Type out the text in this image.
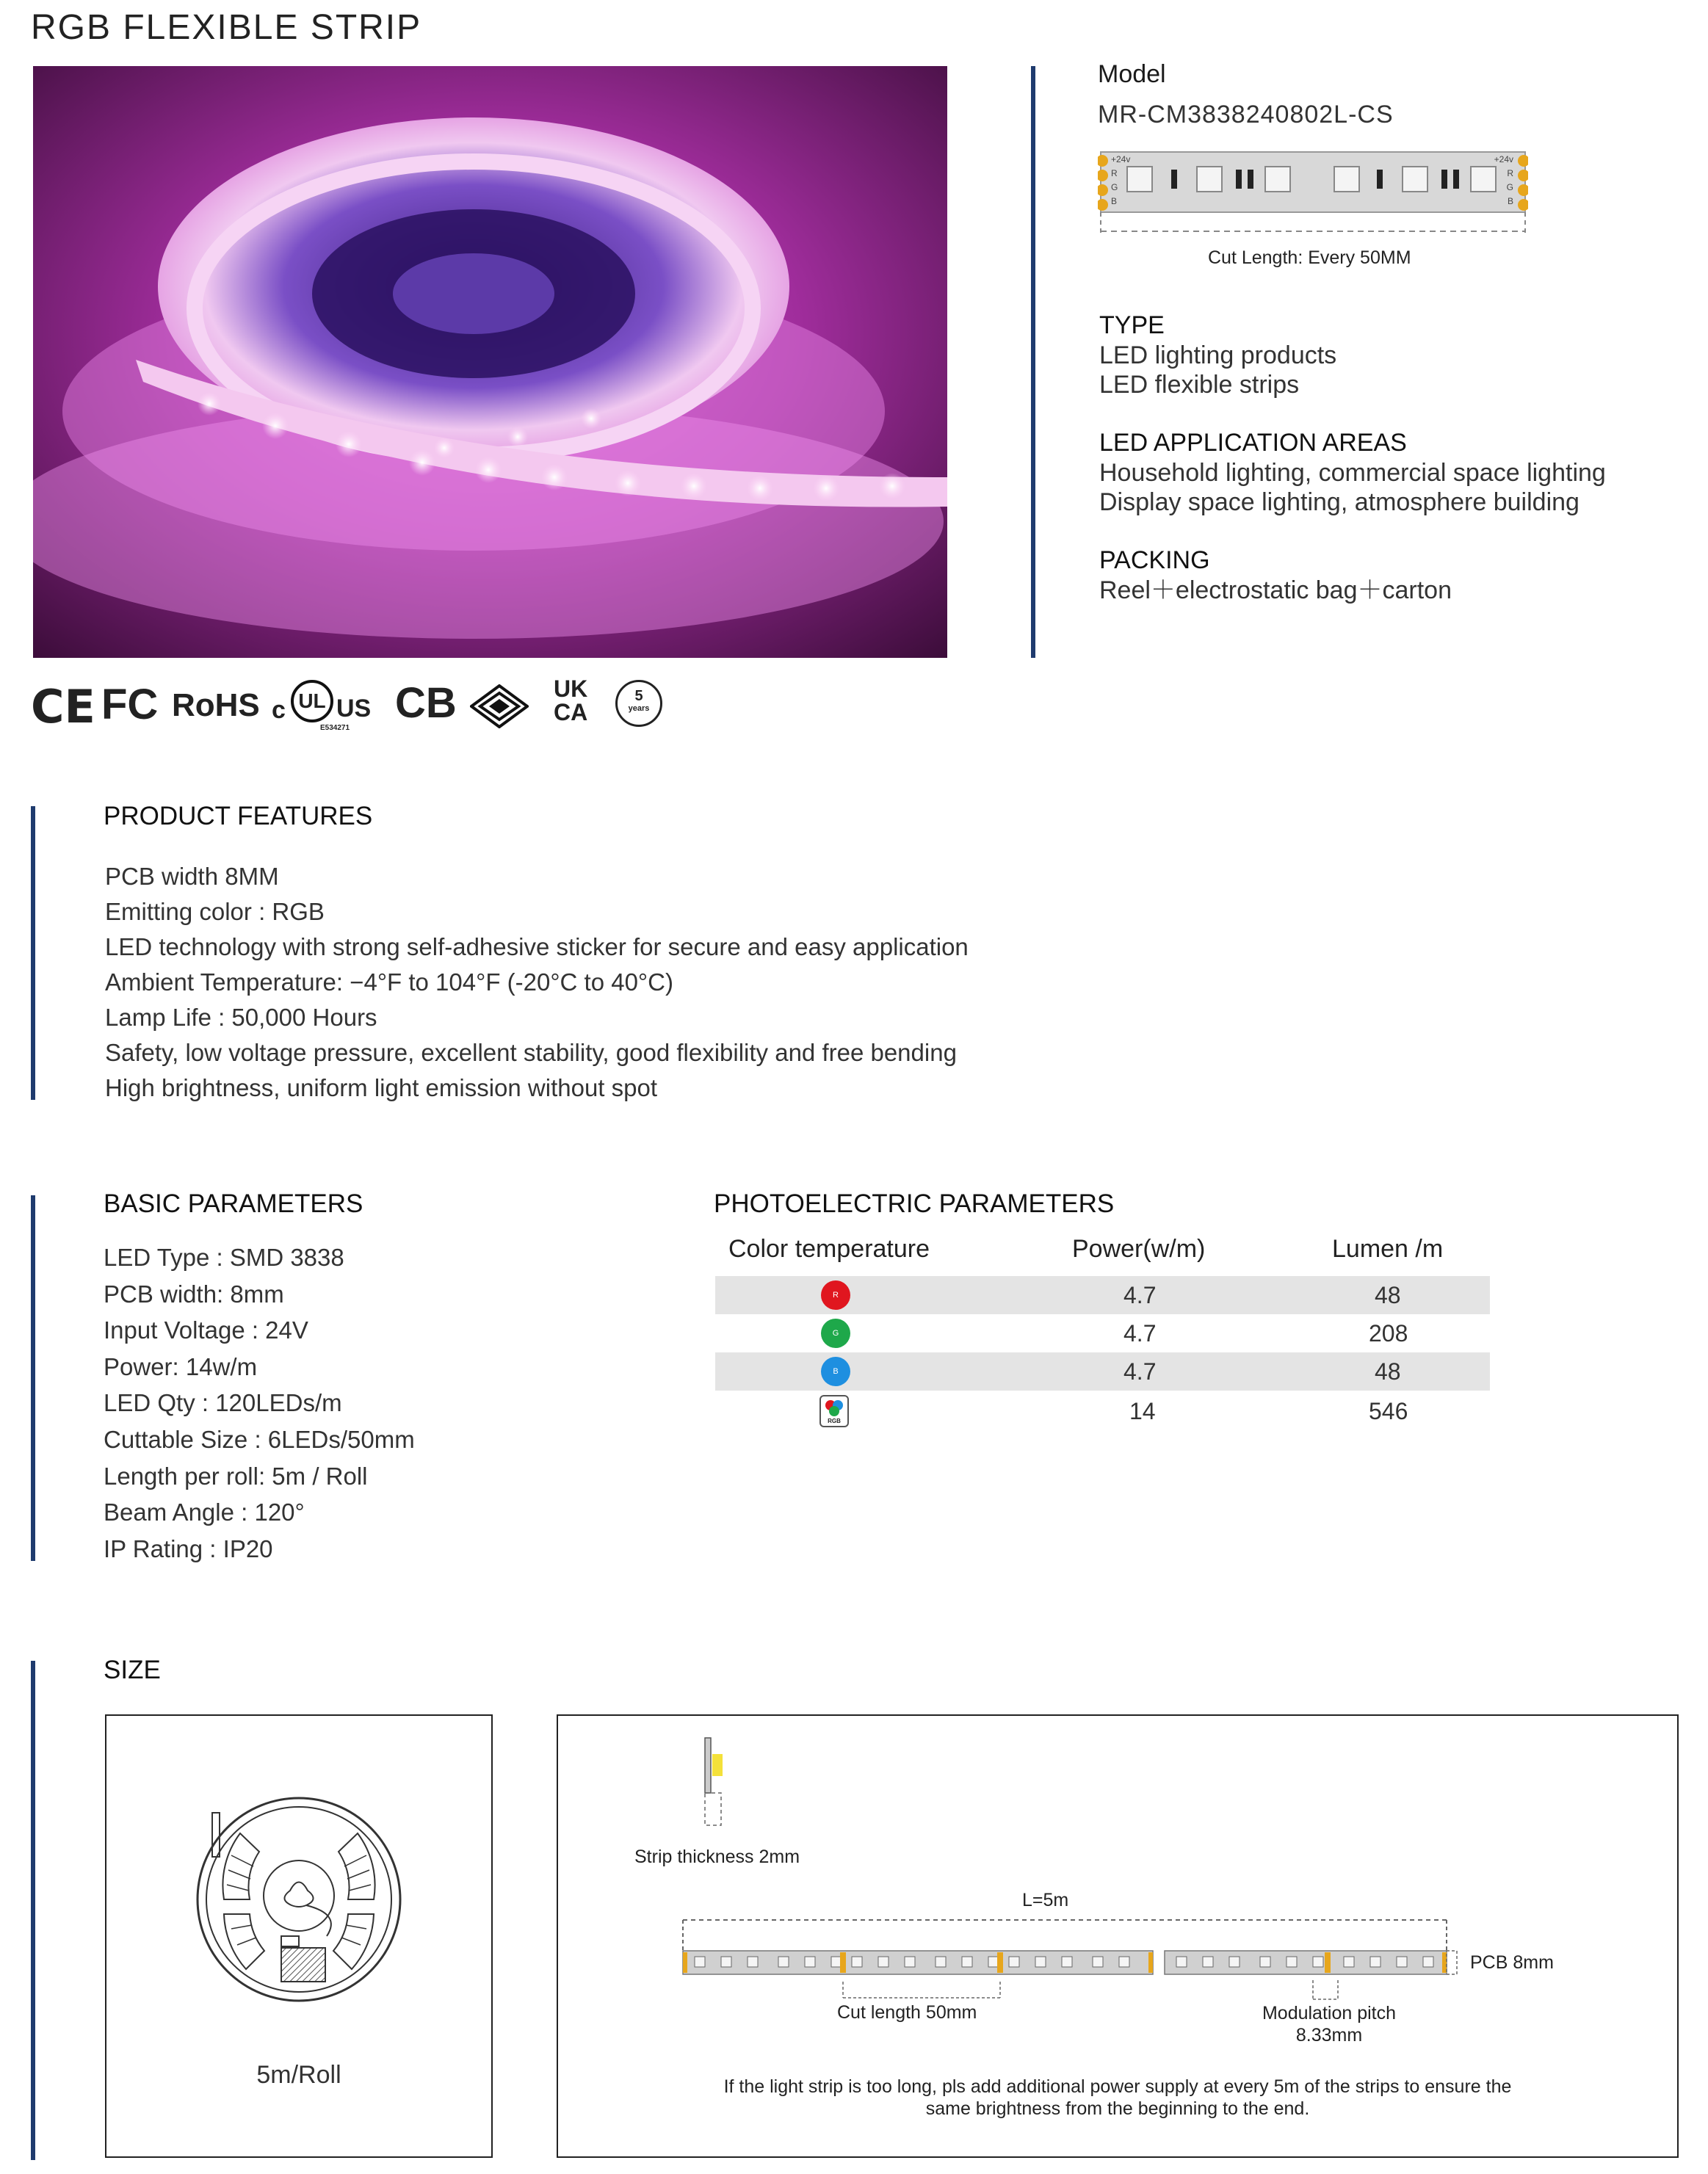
RGB FLEXIBLE STRIP
Model
MR-CM3838240802L-CS
+24v
R
G
B
+24v
R
G
B
Cut Length: Every 50MM
TYPE
LED lighting products
LED flexible strips
LED APPLICATION AREAS
Household lighting, commercial space lighting
Display space lighting, atmosphere building
PACKING
Reel＋electrostatic bag＋carton
CE FC RoHS c UL US
E534271
CB	UK
CA
5
years
PRODUCT FEATURES
PCB width 8MM
Emitting color : RGB
LED technology with strong self-adhesive sticker for secure and easy application
Ambient Temperature: −4°F to 104°F (-20°C to 40°C)
Lamp Life : 50,000 Hours
Safety, low voltage pressure, excellent stability, good flexibility and free bending
High brightness, uniform light emission without spot
BASIC PARAMETERS
LED Type : SMD 3838
PCB width: 8mm
Input Voltage : 24V
Power: 14w/m
LED Qty : 120LEDs/m
Cuttable Size : 6LEDs/50mm
Length per roll: 5m / Roll
Beam Angle : 120°
IP Rating : IP20
PHOTOELECTRIC PARAMETERS
Color temperature	Power(w/m)	Lumen /m
R	4.7	48
G	4.7	208
B	4.7	48
RGB	14	546
SIZE
5m/Roll
Strip thickness 2mm
L=5m
PCB 8mm
Cut length 50mm	Modulation pitch
8.33mm
If the light strip is too long, pls add additional power supply at every 5m of the strips to ensure the
same brightness from the beginning to the end.
